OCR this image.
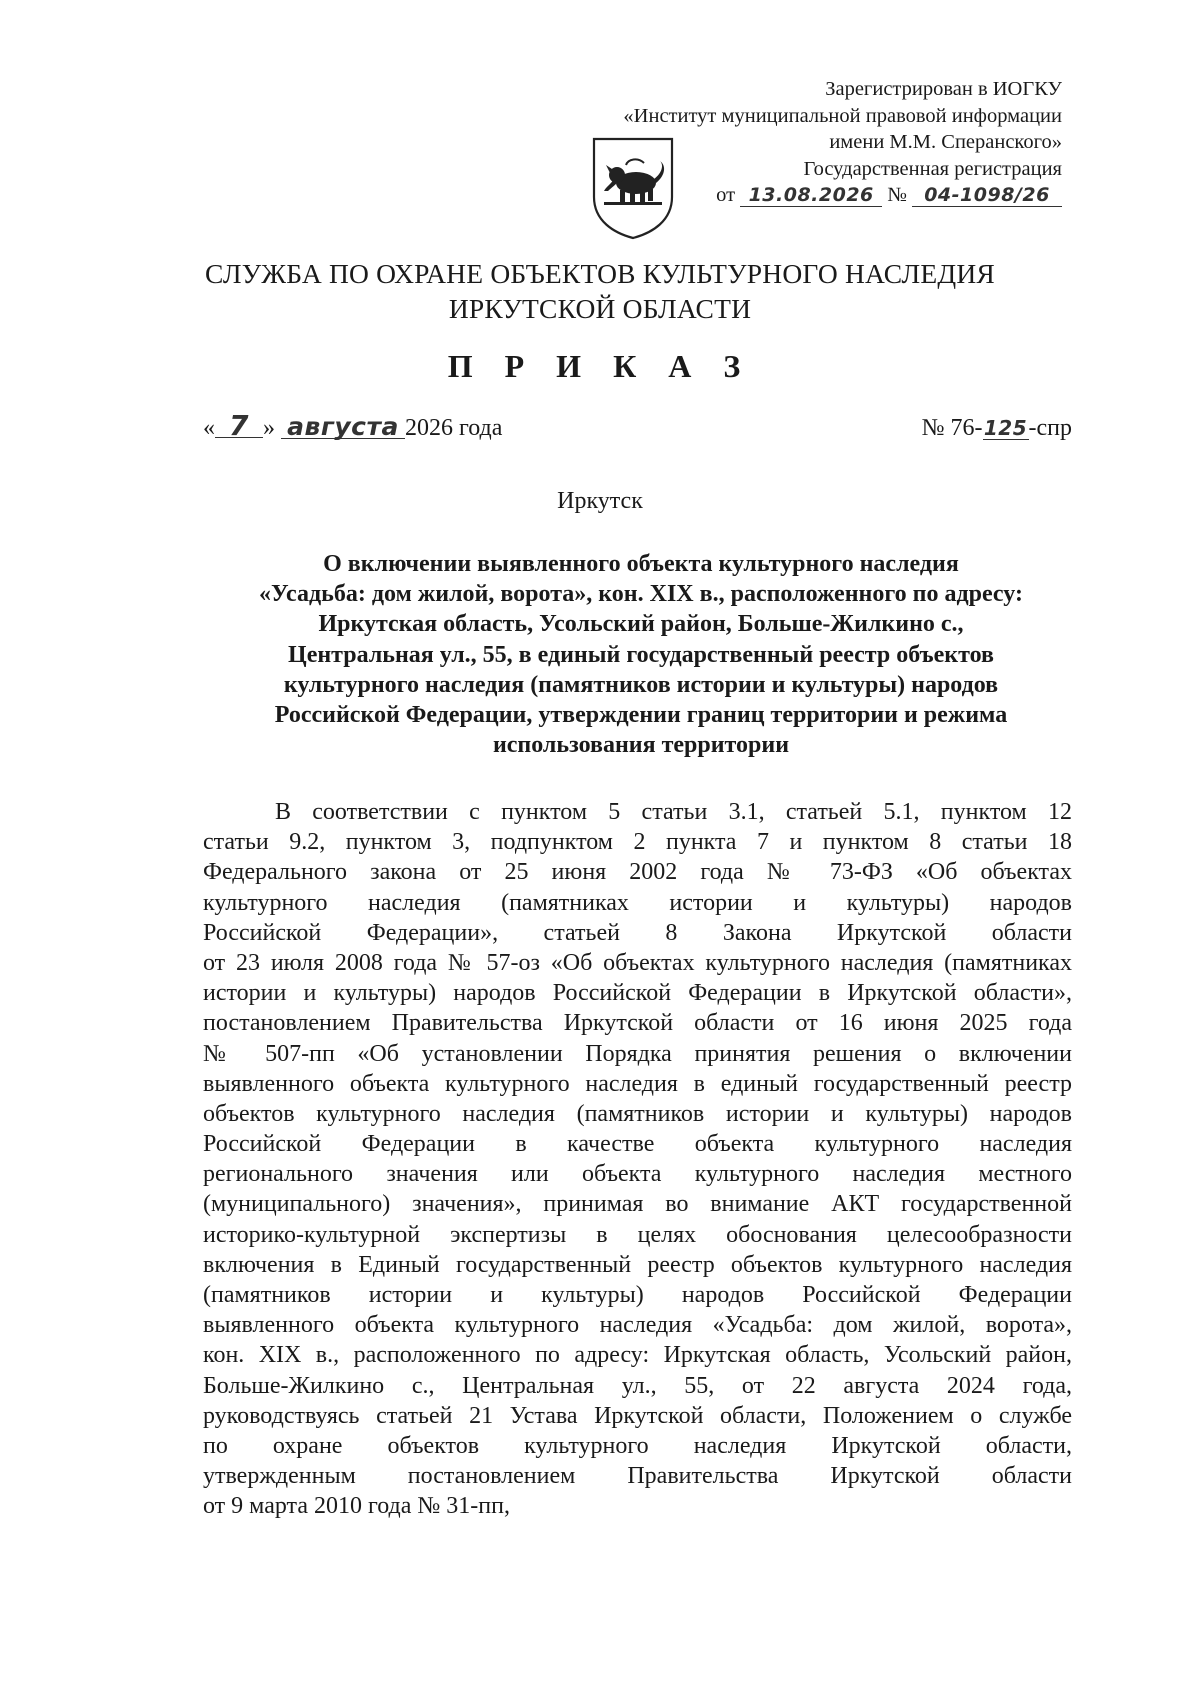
Зарегистрирован в ИОГКУ
«Институт муниципальной правовой информации
имени М.М. Сперанского»
Государственная регистрация
от 13.08.2026 № 04-1098/26
СЛУЖБА ПО ОХРАНЕ ОБЪЕКТОВ КУЛЬТУРНОГО НАСЛЕДИЯ
ИРКУТСКОЙ ОБЛАСТИ
П Р И К А З
« 7 » августа 2026 года	№ 76-125-спр
Иркутск
О включении выявленного объекта культурного наследия
«Усадьба: дом жилой, ворота», кон. XIX в., расположенного по адресу:
Иркутская область, Усольский район, Больше-Жилкино с.,
Центральная ул., 55, в единый государственный реестр объектов
культурного наследия (памятников истории и культуры) народов
Российской Федерации, утверждении границ территории и режима
использования территории
В соответствии с пунктом 5 статьи 3.1, статьей 5.1, пунктом 12
статьи 9.2, пунктом 3, подпунктом 2 пункта 7 и пунктом 8 статьи 18
Федерального закона от 25 июня 2002 года № 73-ФЗ «Об объектах
культурного наследия (памятниках истории и культуры) народов
Российской Федерации», статьей 8 Закона Иркутской области
от 23 июля 2008 года № 57-оз «Об объектах культурного наследия (памятниках
истории и культуры) народов Российской Федерации в Иркутской области»,
постановлением Правительства Иркутской области от 16 июня 2025 года
№ 507-пп «Об установлении Порядка принятия решения о включении
выявленного объекта культурного наследия в единый государственный реестр
объектов культурного наследия (памятников истории и культуры) народов
Российской Федерации в качестве объекта культурного наследия
регионального значения или объекта культурного наследия местного
(муниципального) значения», принимая во внимание АКТ государственной
историко-культурной экспертизы в целях обоснования целесообразности
включения в Единый государственный реестр объектов культурного наследия
(памятников истории и культуры) народов Российской Федерации
выявленного объекта культурного наследия «Усадьба: дом жилой, ворота»,
кон. XIX в., расположенного по адресу: Иркутская область, Усольский район,
Больше-Жилкино с., Центральная ул., 55, от 22 августа 2024 года,
руководствуясь статьей 21 Устава Иркутской области, Положением о службе
по охране объектов культурного наследия Иркутской области,
утвержденным постановлением Правительства Иркутской области
от 9 марта 2010 года № 31-пп,
